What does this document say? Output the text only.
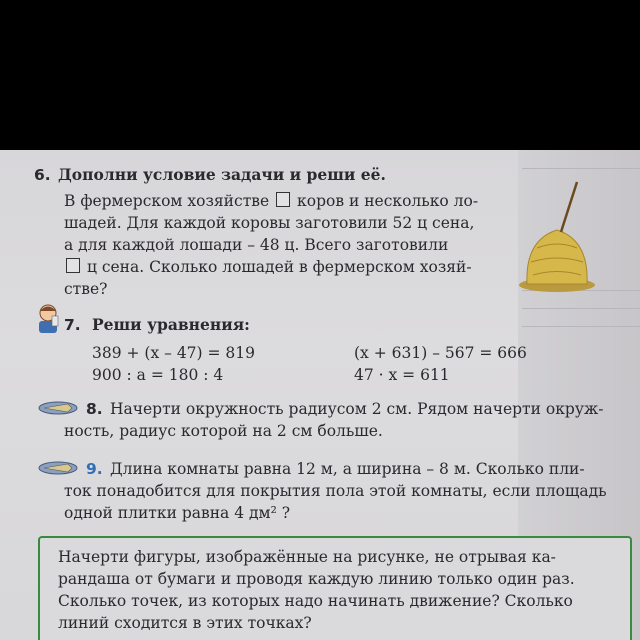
6. Дополни условие задачи и реши её.
В фермерском хозяйстве коров и несколько ло-
шадей. Для каждой коровы заготовили 52 ц сена,
а для каждой лошади – 48 ц. Всего заготовили
ц сена. Сколько лошадей в фермерском хозяй-
стве?
7. Реши уравнения:
389 + (x – 47) = 819	(x + 631) – 567 = 666
900 : a = 180 : 4	47 · x = 611
8. Начерти окружность радиусом 2 см. Рядом начерти окруж-
ность, радиус которой на 2 см больше.
9. Длина комнаты равна 12 м, а ширина – 8 м. Сколько пли-
ток понадобится для покрытия пола этой комнаты, если площадь
одной плитки равна 4 дм² ?
Начерти фигуры, изображённые на рисунке, не отрывая ка-
рандаша от бумаги и проводя каждую линию только один раз.
Сколько точек, из которых надо начинать движение? Сколько
линий сходится в этих точках?
